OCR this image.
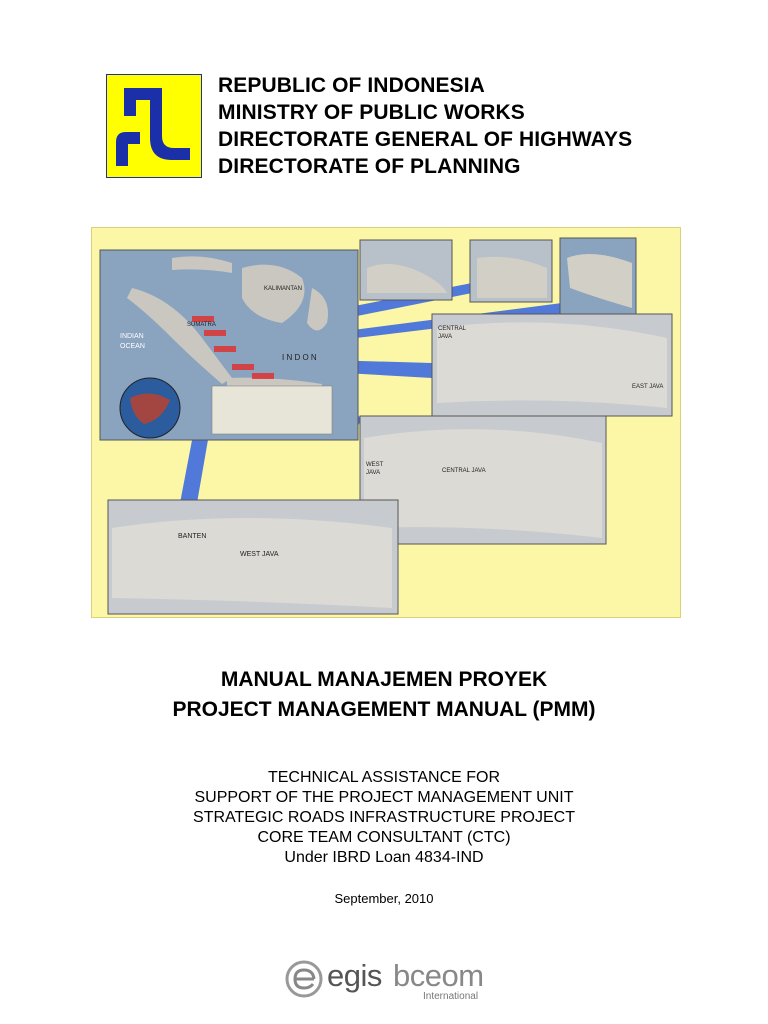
REPUBLIC OF INDONESIA
MINISTRY OF PUBLIC WORKS
DIRECTORATE GENERAL OF HIGHWAYS
DIRECTORATE OF PLANNING
INDIAN
OCEAN
SUMATRA
KALIMANTAN
I N D O N
CENTRAL
JAVA
EAST JAVA
WEST
JAVA	CENTRAL JAVA
BANTEN
WEST JAVA
MANUAL MANAJEMEN PROYEK
PROJECT MANAGEMENT MANUAL (PMM)
TECHNICAL ASSISTANCE FOR
SUPPORT OF THE PROJECT MANAGEMENT UNIT
STRATEGIC ROADS INFRASTRUCTURE PROJECT
CORE TEAM CONSULTANT (CTC)
Under IBRD Loan 4834-IND
September, 2010
egis bceom
International
